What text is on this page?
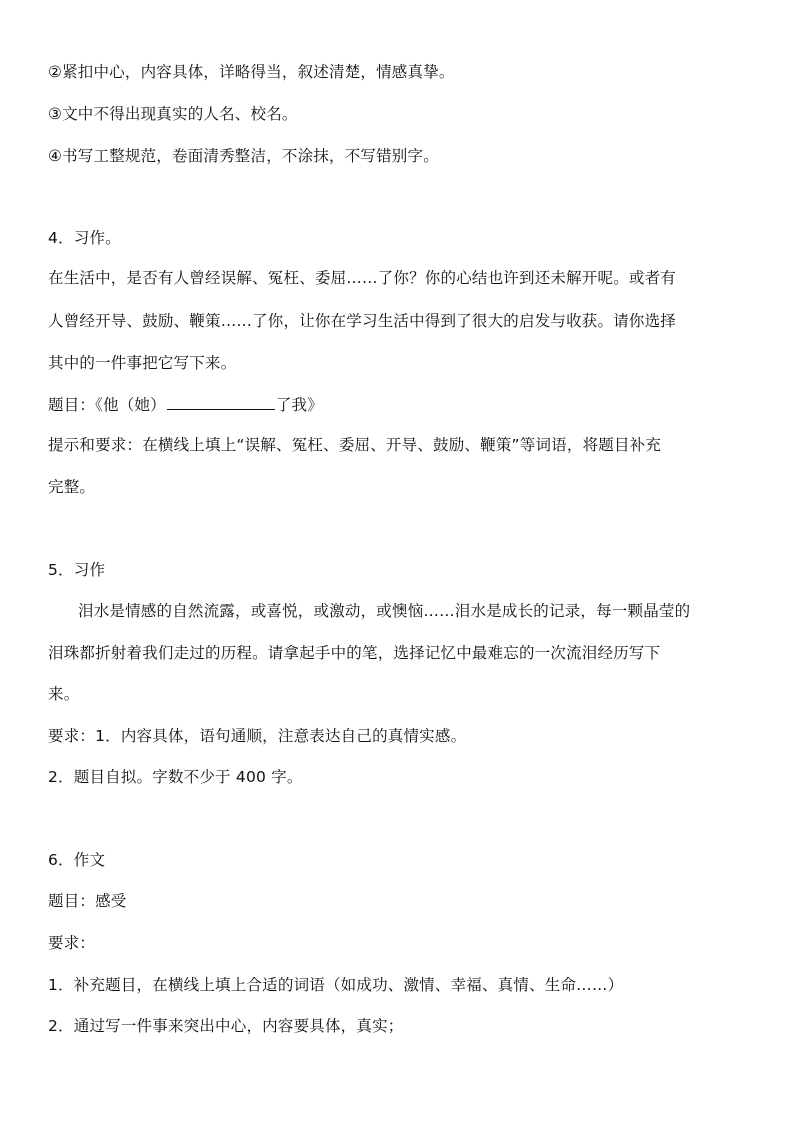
②紧扣中心，内容具体，详略得当，叙述清楚，情感真挚。
③文中不得出现真实的人名、校名。
④书写工整规范，卷面清秀整洁，不涂抹，不写错别字。
4．习作。
在生活中，是否有人曾经误解、冤枉、委屈……了你？你的心结也许到还未解开呢。或者有
人曾经开导、鼓励、鞭策……了你，让你在学习生活中得到了很大的启发与收获。请你选择
其中的一件事把它写下来。
题目：《他（她）	了我》
提示和要求：在横线上填上“误解、冤枉、委屈、开导、鼓励、鞭策”等词语，将题目补充
完整。
5．习作
泪水是情感的自然流露，或喜悦，或激动，或懊恼……泪水是成长的记录，每一颗晶莹的
泪珠都折射着我们走过的历程。请拿起手中的笔，选择记忆中最难忘的一次流泪经历写下
来。
要求：1．内容具体，语句通顺，注意表达自己的真情实感。
2．题目自拟。字数不少于 400 字。
6．作文
题目：感受
要求：
1．补充题目，在横线上填上合适的词语（如成功、激情、幸福、真情、生命……）
2．通过写一件事来突出中心，内容要具体，真实；
